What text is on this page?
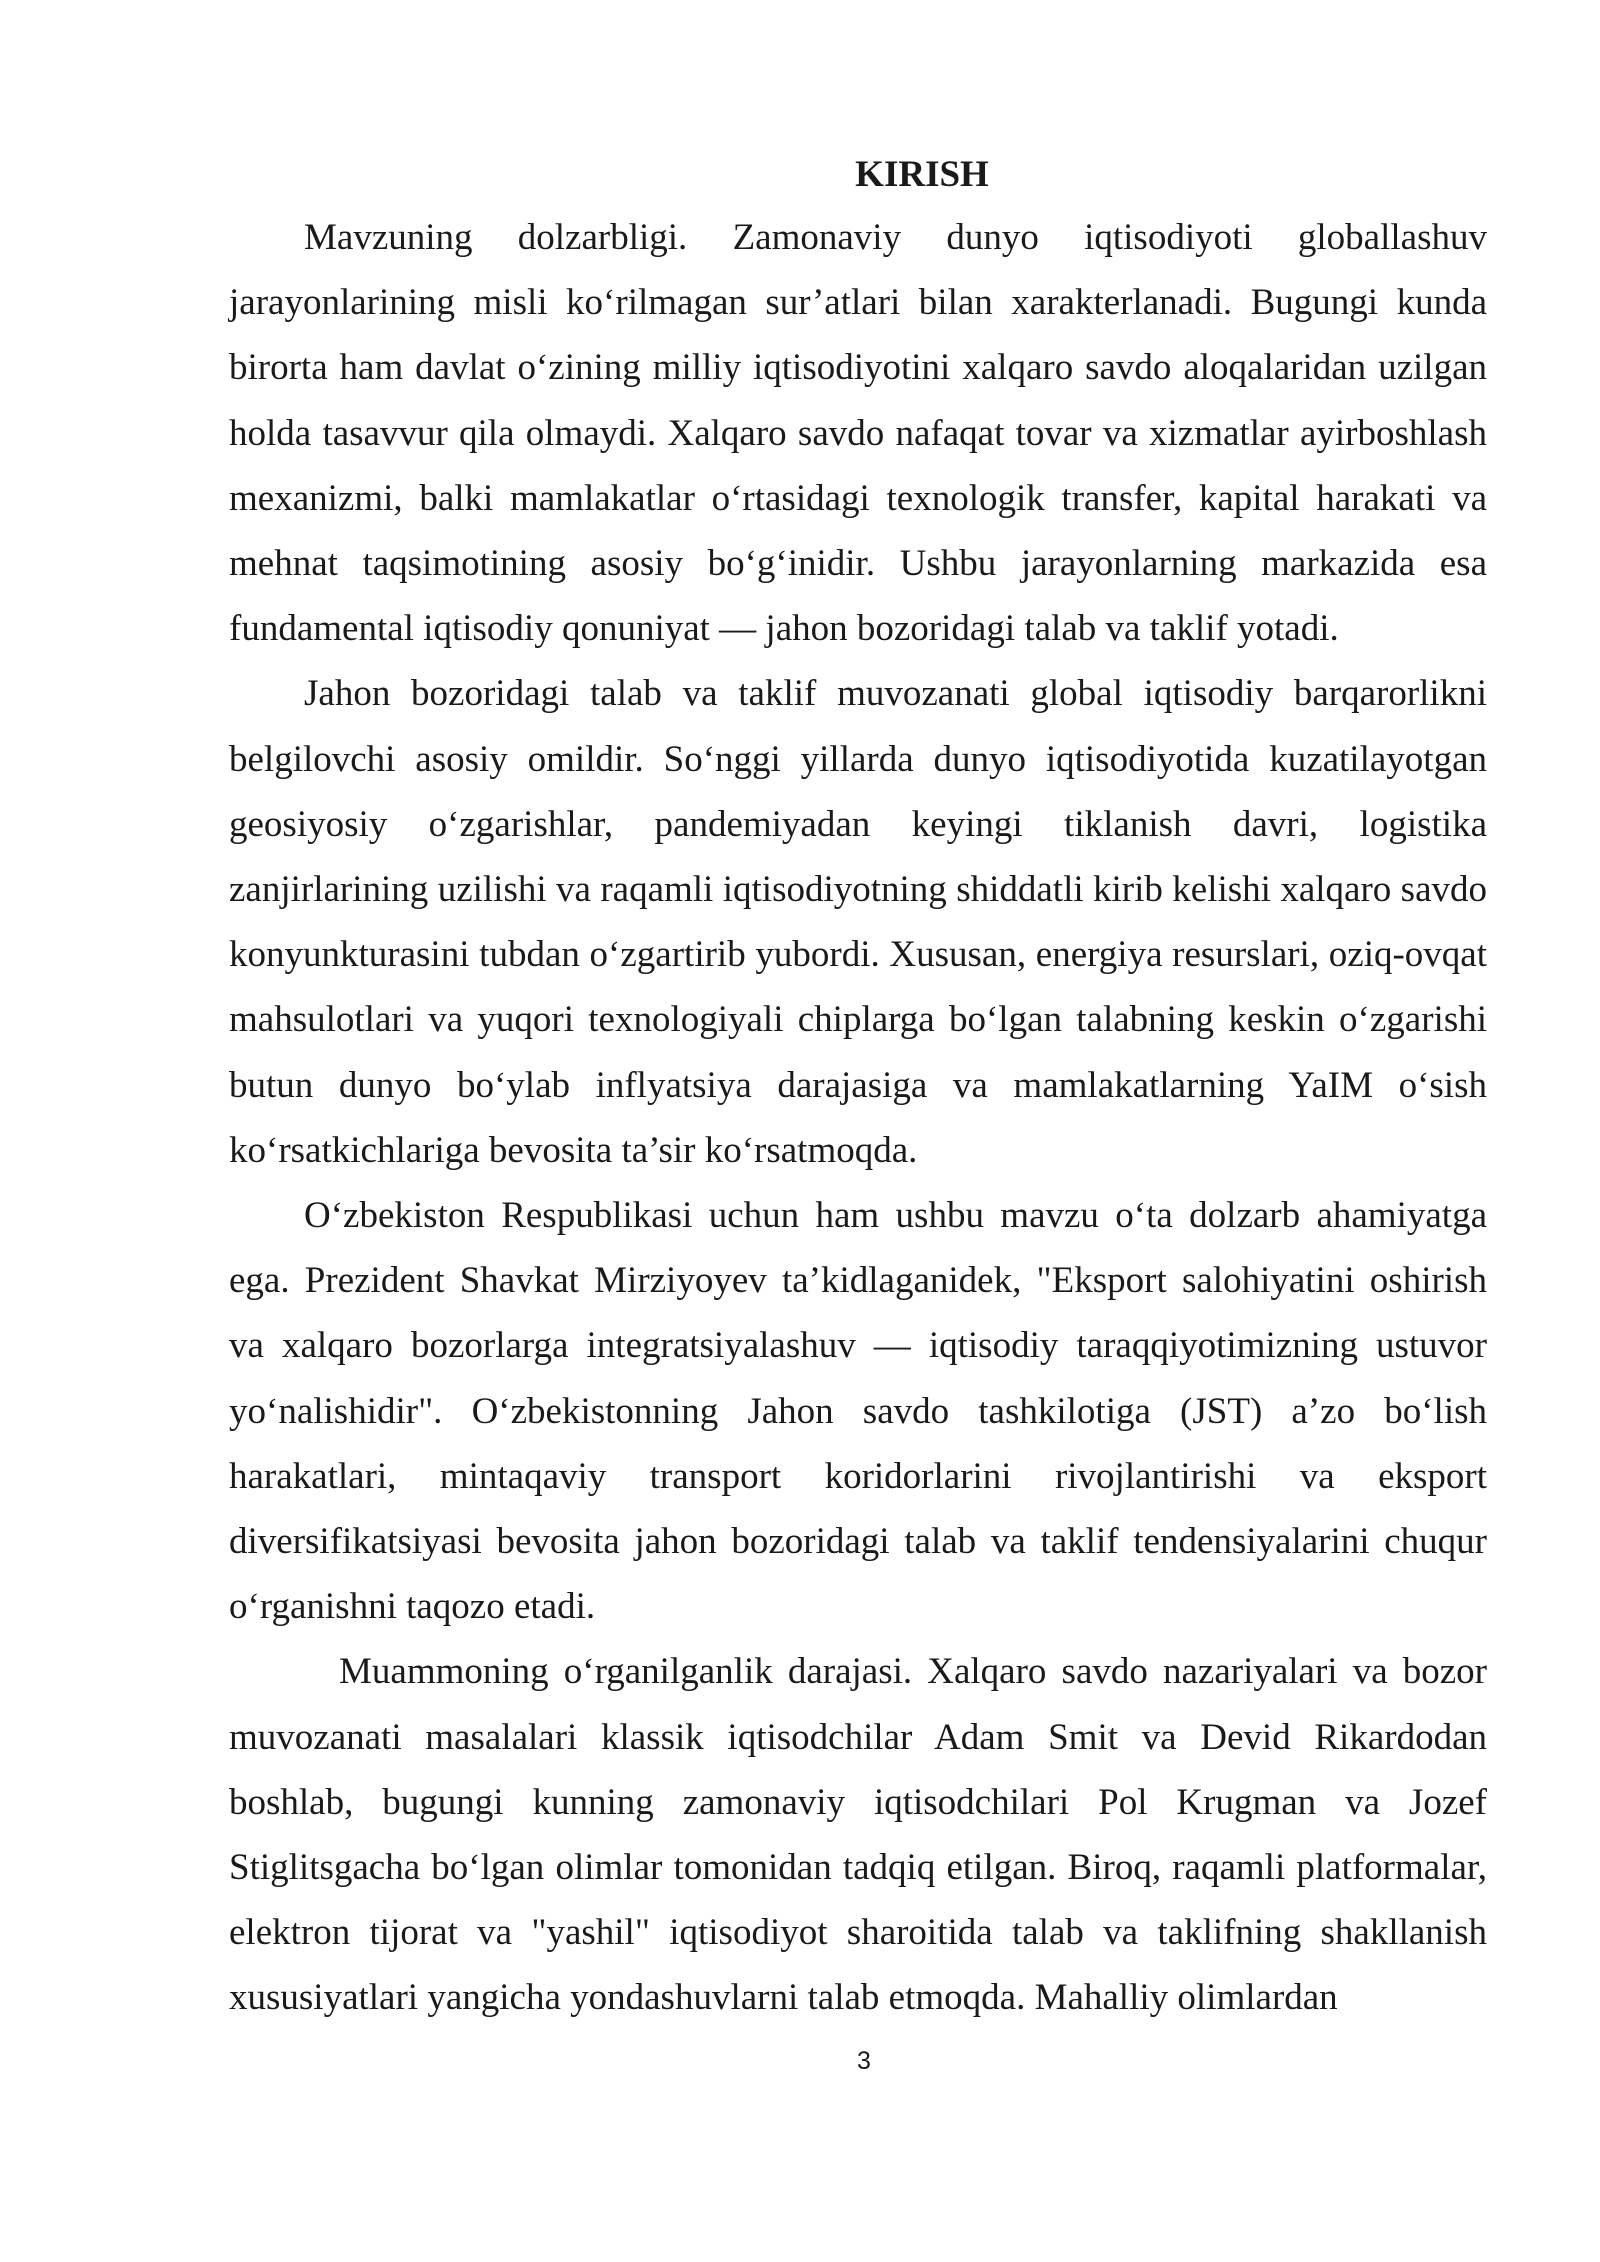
KIRISH

Mavzuning dolzarbligi. Zamonaviy dunyo iqtisodiyoti globallashuv jarayonlarining misli ko‘rilmagan sur’atlari bilan xarakterlanadi. Bugungi kunda birorta ham davlat o‘zining milliy iqtisodiyotini xalqaro savdo aloqalaridan uzilgan holda tasavvur qila olmaydi. Xalqaro savdo nafaqat tovar va xizmatlar ayirboshlash mexanizmi, balki mamlakatlar o‘rtasidagi texnologik transfer, kapital harakati va mehnat taqsimotining asosiy bo‘g‘inidir. Ushbu jarayonlarning markazida esa fundamental iqtisodiy qonuniyat — jahon bozoridagi talab va taklif yotadi.

Jahon bozoridagi talab va taklif muvozanati global iqtisodiy barqarorlikni belgilovchi asosiy omildir. So‘nggi yillarda dunyo iqtisodiyotida kuzatilayotgan geosiyosiy o‘zgarishlar, pandemiyadan keyingi tiklanish davri, logistika zanjirlarining uzilishi va raqamli iqtisodiyotning shiddatli kirib kelishi xalqaro savdo konyunkturasini tubdan o‘zgartirib yubordi. Xususan, energiya resurslari, oziq-ovqat mahsulotlari va yuqori texnologiyali chiplarga bo‘lgan talabning keskin o‘zgarishi butun dunyo bo‘ylab inflyatsiya darajasiga va mamlakatlarning YaIM o‘sish ko‘rsatkichlariga bevosita ta’sir ko‘rsatmoqda.

O‘zbekiston Respublikasi uchun ham ushbu mavzu o‘ta dolzarb ahamiyatga ega. Prezident Shavkat Mirziyoyev ta’kidlaganidek, "Eksport salohiyatini oshirish va xalqaro bozorlarga integratsiyalashuv — iqtisodiy taraqqiyotimizning ustuvor yo‘nalishidir". O‘zbekistonning Jahon savdo tashkilotiga (JST) a’zo bo‘lish harakatlari, mintaqaviy transport koridorlarini rivojlantirishi va eksport diversifikatsiyasi bevosita jahon bozoridagi talab va taklif tendensiyalarini chuqur o‘rganishni taqozo etadi.

Muammoning o‘rganilganlik darajasi. Xalqaro savdo nazariyalari va bozor muvozanati masalalari klassik iqtisodchilar Adam Smit va Devid Rikardodan boshlab, bugungi kunning zamonaviy iqtisodchilari Pol Krugman va Jozef Stiglitsgacha bo‘lgan olimlar tomonidan tadqiq etilgan. Biroq, raqamli platformalar, elektron tijorat va "yashil" iqtisodiyot sharoitida talab va taklifning shakllanish xususiyatlari yangicha yondashuvlarni talab etmoqda. Mahalliy olimlardan

3
